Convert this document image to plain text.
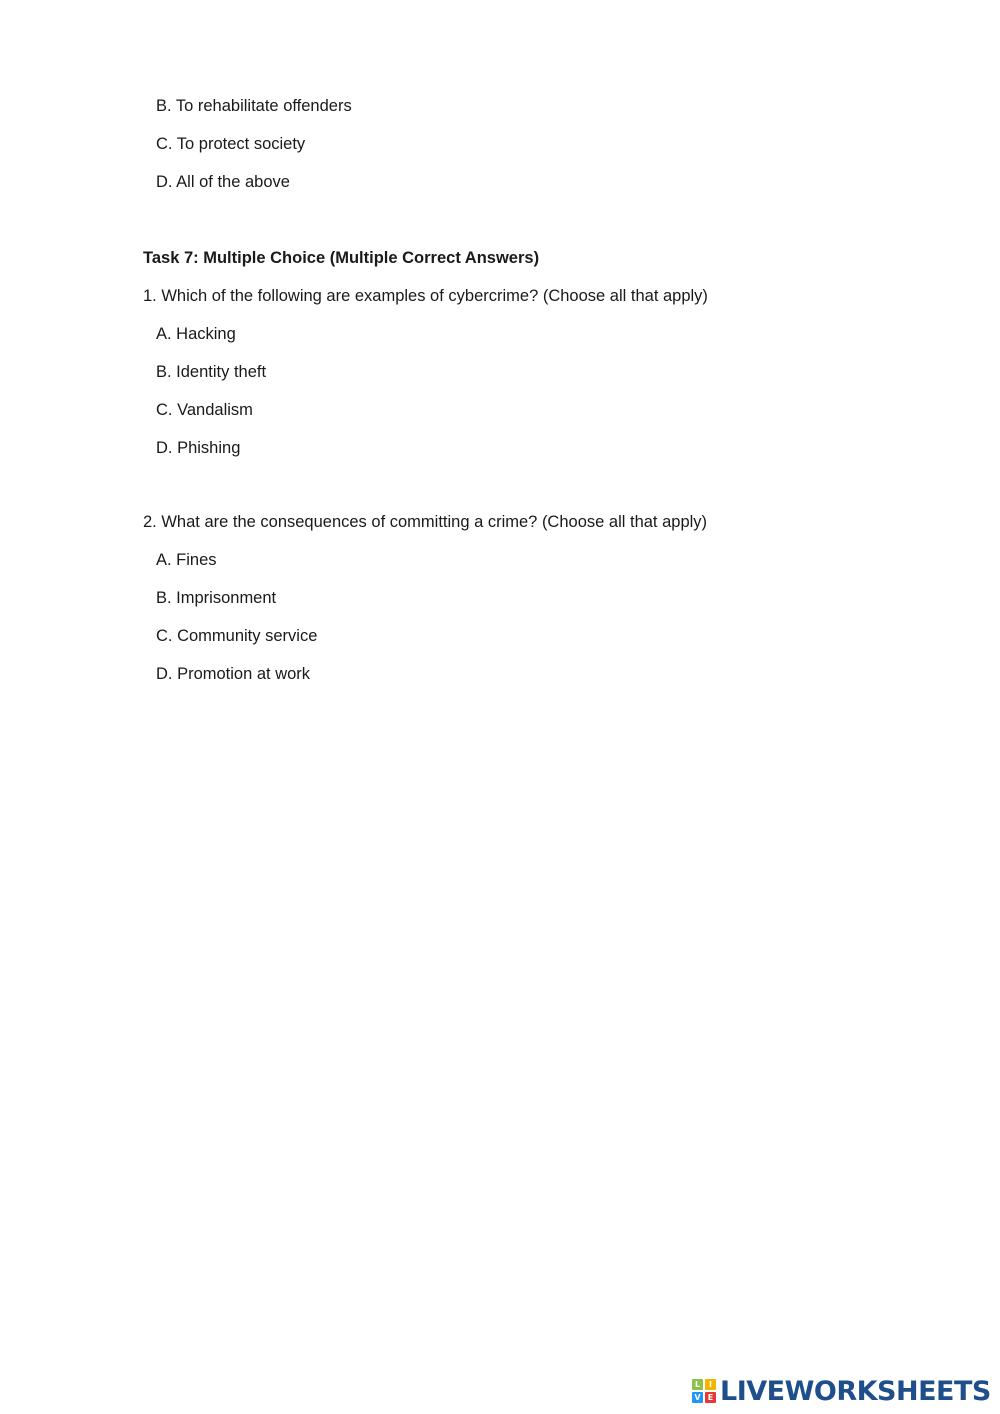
B. To rehabilitate offenders
C. To protect society
D. All of the above
Task 7: Multiple Choice (Multiple Correct Answers)
1. Which of the following are examples of cybercrime? (Choose all that apply)
A. Hacking
B. Identity theft
C. Vandalism
D. Phishing
2. What are the consequences of committing a crime? (Choose all that apply)
A. Fines
B. Imprisonment
C. Community service
D. Promotion at work
L	I
V E LIVEWORKSHEETS
